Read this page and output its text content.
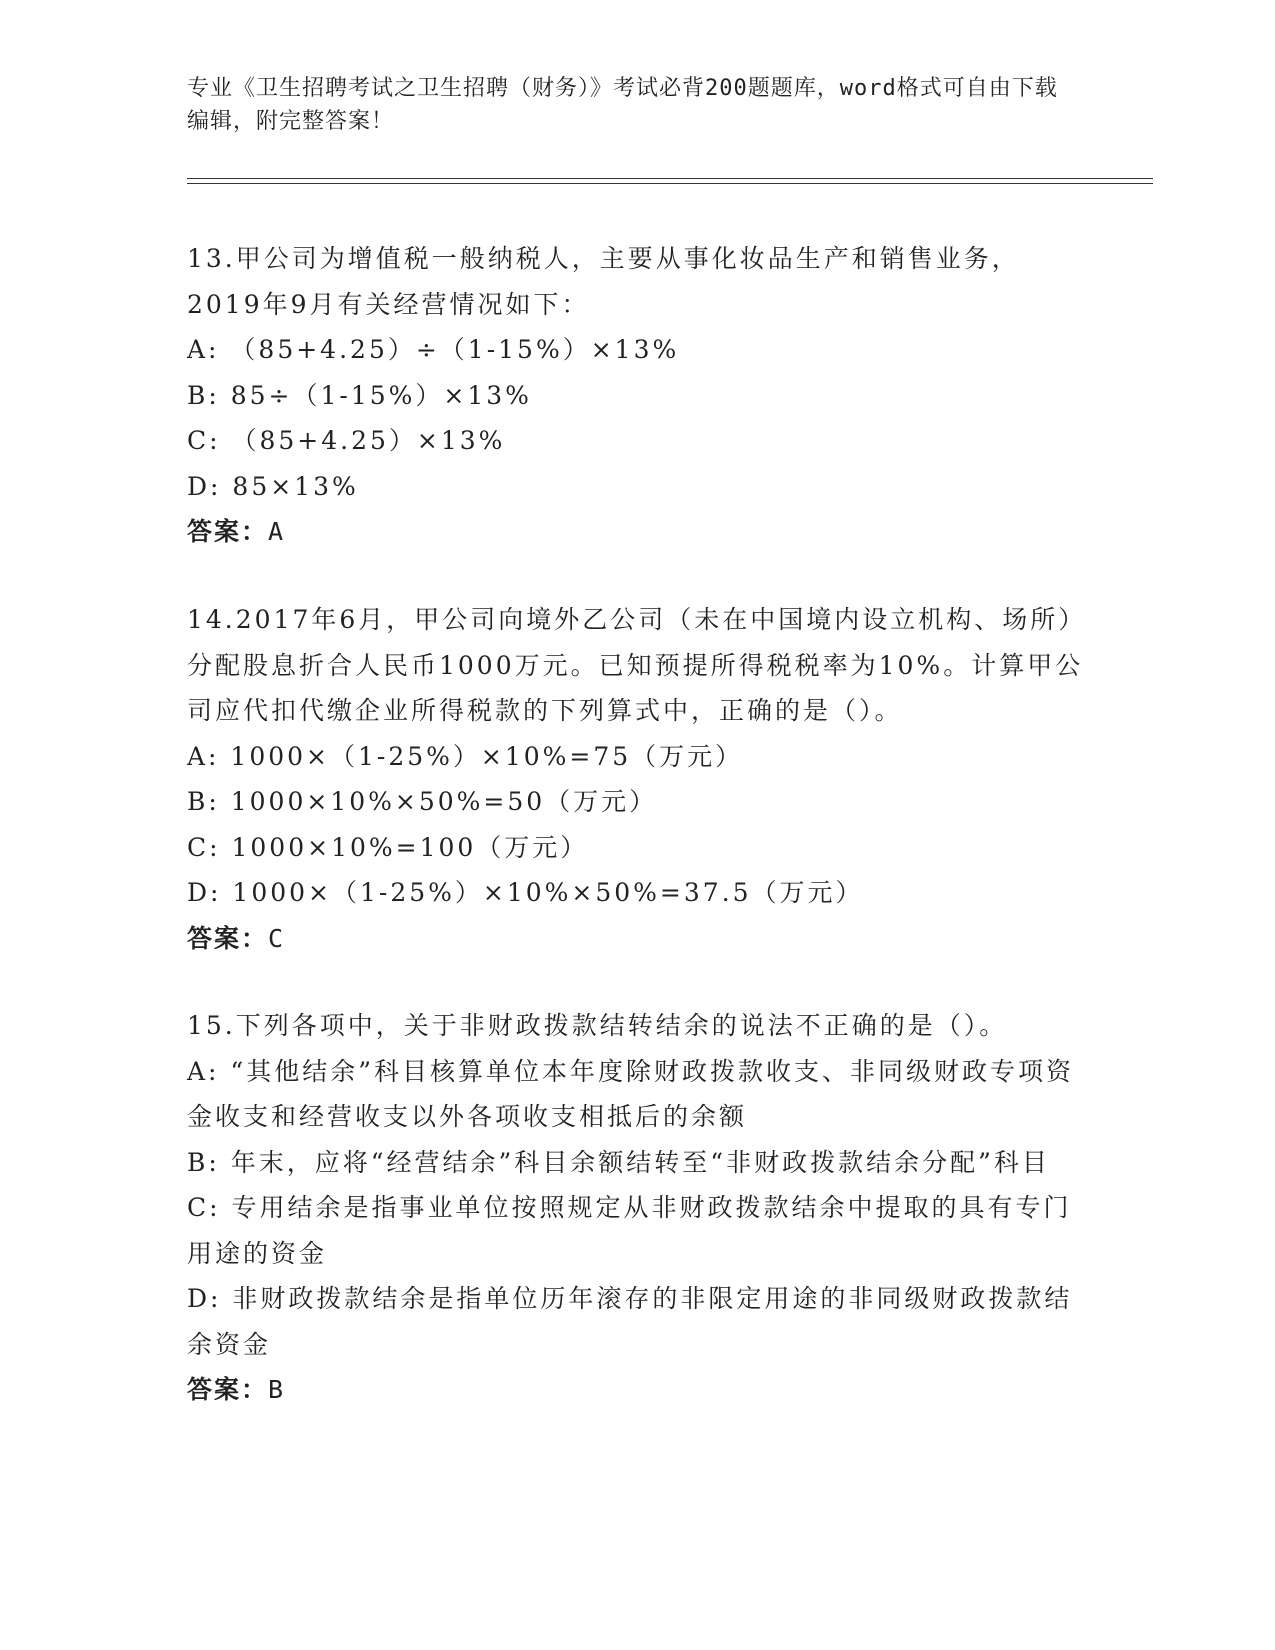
专业《卫生招聘考试之卫生招聘（财务）》考试必背200题题库，word格式可自由下载编辑，附完整答案！

13.甲公司为增值税一般纳税人，主要从事化妆品生产和销售业务，2019年9月有关经营情况如下：

A: （85+4.25）÷（1-15%）×13%

B: 85÷（1-15%）×13%

C: （85+4.25）×13%

D: 85×13%

答案：A

14.2017年6月，甲公司向境外乙公司（未在中国境内设立机构、场所）分配股息折合人民币1000万元。已知预提所得税税率为10%。计算甲公司应代扣代缴企业所得税款的下列算式中，正确的是（）。

A: 1000×（1-25%）×10%=75（万元）

B: 1000×10%×50%=50（万元）

C: 1000×10%=100（万元）

D: 1000×（1-25%）×10%×50%=37.5（万元）

答案：C

15.下列各项中，关于非财政拨款结转结余的说法不正确的是（）。

A: “其他结余”科目核算单位本年度除财政拨款收支、非同级财政专项资金收支和经营收支以外各项收支相抵后的余额

B: 年末，应将“经营结余”科目余额结转至“非财政拨款结余分配”科目

C: 专用结余是指事业单位按照规定从非财政拨款结余中提取的具有专门用途的资金

D: 非财政拨款结余是指单位历年滚存的非限定用途的非同级财政拨款结余资金

答案：B
